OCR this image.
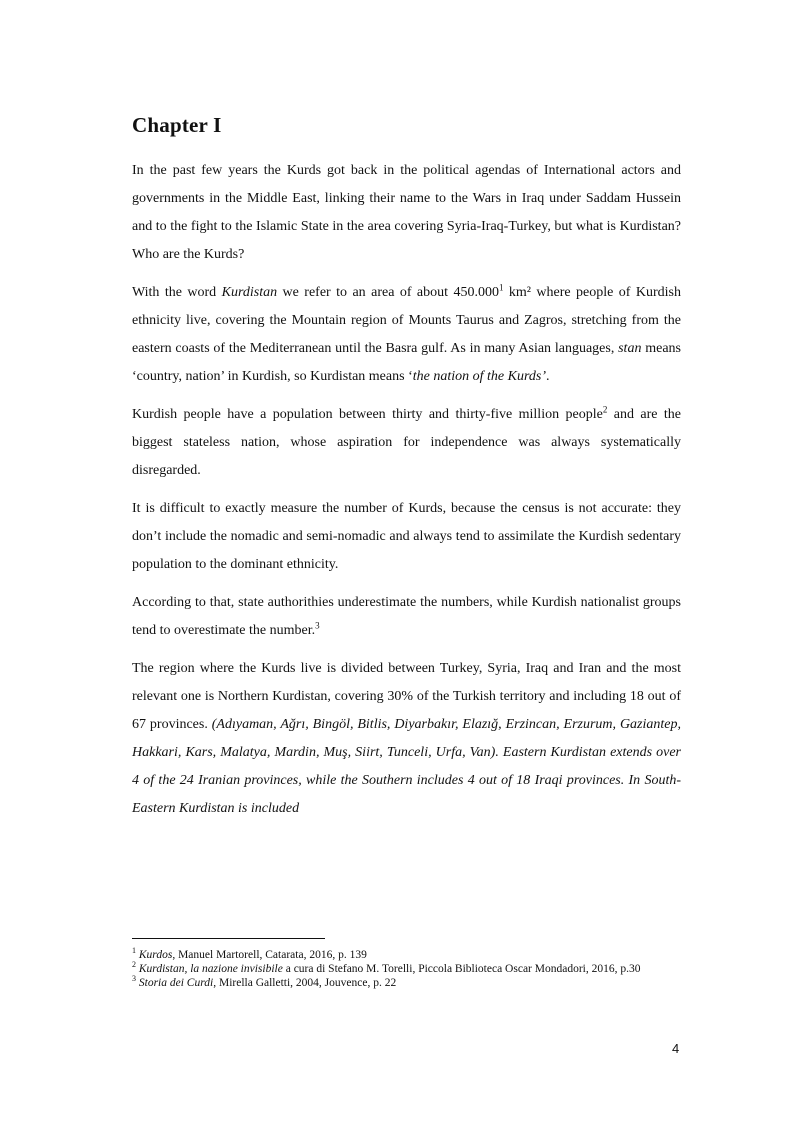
Chapter I

In the past few years the Kurds got back in the political agendas of International actors and governments in the Middle East, linking their name to the Wars in Iraq under Saddam Hussein and to the fight to the Islamic State in the area covering Syria-Iraq-Turkey, but what is Kurdistan? Who are the Kurds?

With the word Kurdistan we refer to an area of about 450.000$^1$ km² where people of Kurdish ethnicity live, covering the Mountain region of Mounts Taurus and Zagros, stretching from the eastern coasts of the Mediterranean until the Basra gulf. As in many Asian languages, stan means ‘country, nation’ in Kurdish, so Kurdistan means ‘the nation of the Kurds’.

Kurdish people have a population between thirty and thirty-five million people$^2$ and are the biggest stateless nation, whose aspiration for independence was always systematically disregarded.

It is difficult to exactly measure the number of Kurds, because the census is not accurate: they don’t include the nomadic and semi-nomadic and always tend to assimilate the Kurdish sedentary population to the dominant ethnicity.

According to that, state authorithies underestimate the numbers, while Kurdish nationalist groups tend to overestimate the number.$^3$

The region where the Kurds live is divided between Turkey, Syria, Iraq and Iran and the most relevant one is Northern Kurdistan, covering 30% of the Turkish territory and including 18 out of 67 provinces. (Adıyaman, Ağrı, Bingöl, Bitlis, Diyarbakır, Elazığ, Erzincan, Erzurum, Gaziantep, Hakkari, Kars, Malatya, Mardin, Muş, Siirt, Tunceli, Urfa, Van). Eastern Kurdistan extends over 4 of the 24 Iranian provinces, while the Southern includes 4 out of 18 Iraqi provinces. In South-Eastern Kurdistan is included

$^1$ Kurdos, Manuel Martorell, Catarata, 2016, p. 139

$^2$ Kurdistan, la nazione invisibile a cura di Stefano M. Torelli, Piccola Biblioteca Oscar Mondadori, 2016, p.30

$^3$ Storia dei Curdi, Mirella Galletti, 2004, Jouvence, p. 22

4
